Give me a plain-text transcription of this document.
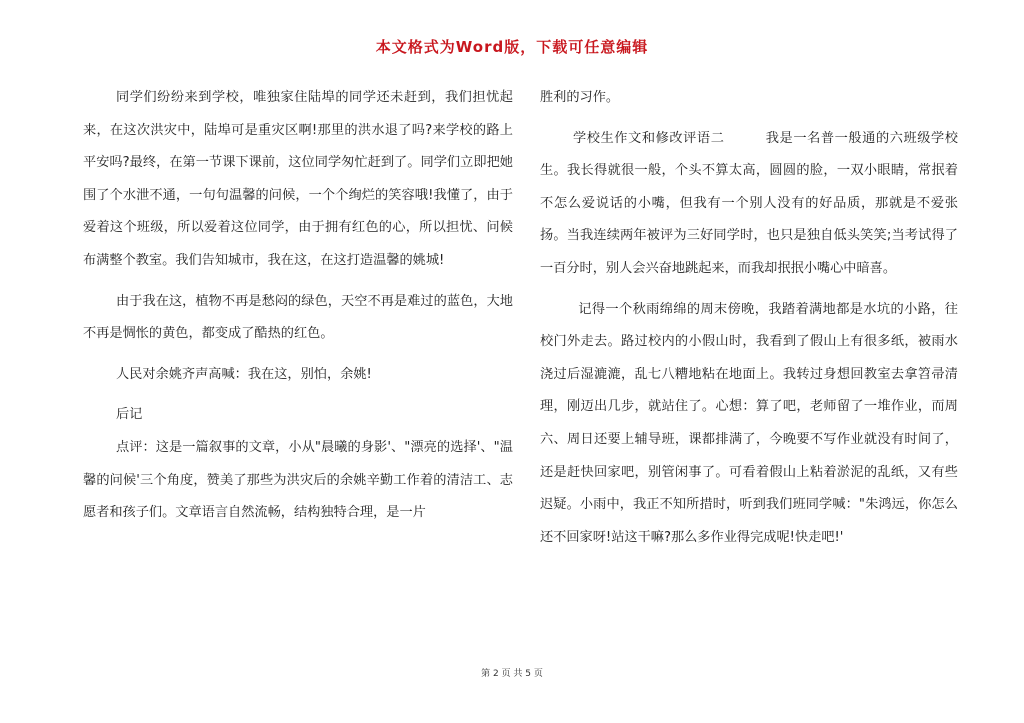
本文格式为Word版，下载可任意编辑

同学们纷纷来到学校，唯独家住陆埠的同学还未赶到，我们担忧起来，在这次洪灾中，陆埠可是重灾区啊!那里的洪水退了吗?来学校的路上平安吗?最终，在第一节课下课前，这位同学匆忙赶到了。同学们立即把她围了个水泄不通，一句句温馨的问候，一个个绚烂的笑容哦!我懂了，由于爱着这个班级，所以爱着这位同学，由于拥有红色的心，所以担忧、问候布满整个教室。我们告知城市，我在这，在这打造温馨的姚城!

由于我在这，植物不再是愁闷的绿色，天空不再是难过的蓝色，大地不再是惆怅的黄色，都变成了酷热的红色。

人民对余姚齐声高喊：我在这，别怕，余姚!

后记

点评：这是一篇叙事的文章，小从"晨曦的身影'、"漂亮的选择'、"温馨的问候'三个角度，赞美了那些为洪灾后的余姚辛勤工作着的清洁工、志愿者和孩子们。文章语言自然流畅，结构独特合理，是一片

胜利的习作。

学校生作文和修改评语二　　　我是一名普一般通的六班级学校生。我长得就很一般，个头不算太高，圆圆的脸，一双小眼睛，常抿着不怎么爱说话的小嘴，但我有一个别人没有的好品质，那就是不爱张扬。当我连续两年被评为三好同学时，也只是独自低头笑笑;当考试得了一百分时，别人会兴奋地跳起来，而我却抿抿小嘴心中暗喜。

记得一个秋雨绵绵的周末傍晚，我踏着满地都是水坑的小路，往校门外走去。路过校内的小假山时，我看到了假山上有很多纸，被雨水浇过后湿漉漉，乱七八糟地粘在地面上。我转过身想回教室去拿笤帚清理，刚迈出几步，就站住了。心想：算了吧，老师留了一堆作业，而周六、周日还要上辅导班，课都排满了，今晚要不写作业就没有时间了，还是赶快回家吧，别管闲事了。可看着假山上粘着淤泥的乱纸，又有些迟疑。小雨中，我正不知所措时，听到我们班同学喊："朱鸿远，你怎么还不回家呀!站这干嘛?那么多作业得完成呢!快走吧!'

第 2 页 共 5 页
